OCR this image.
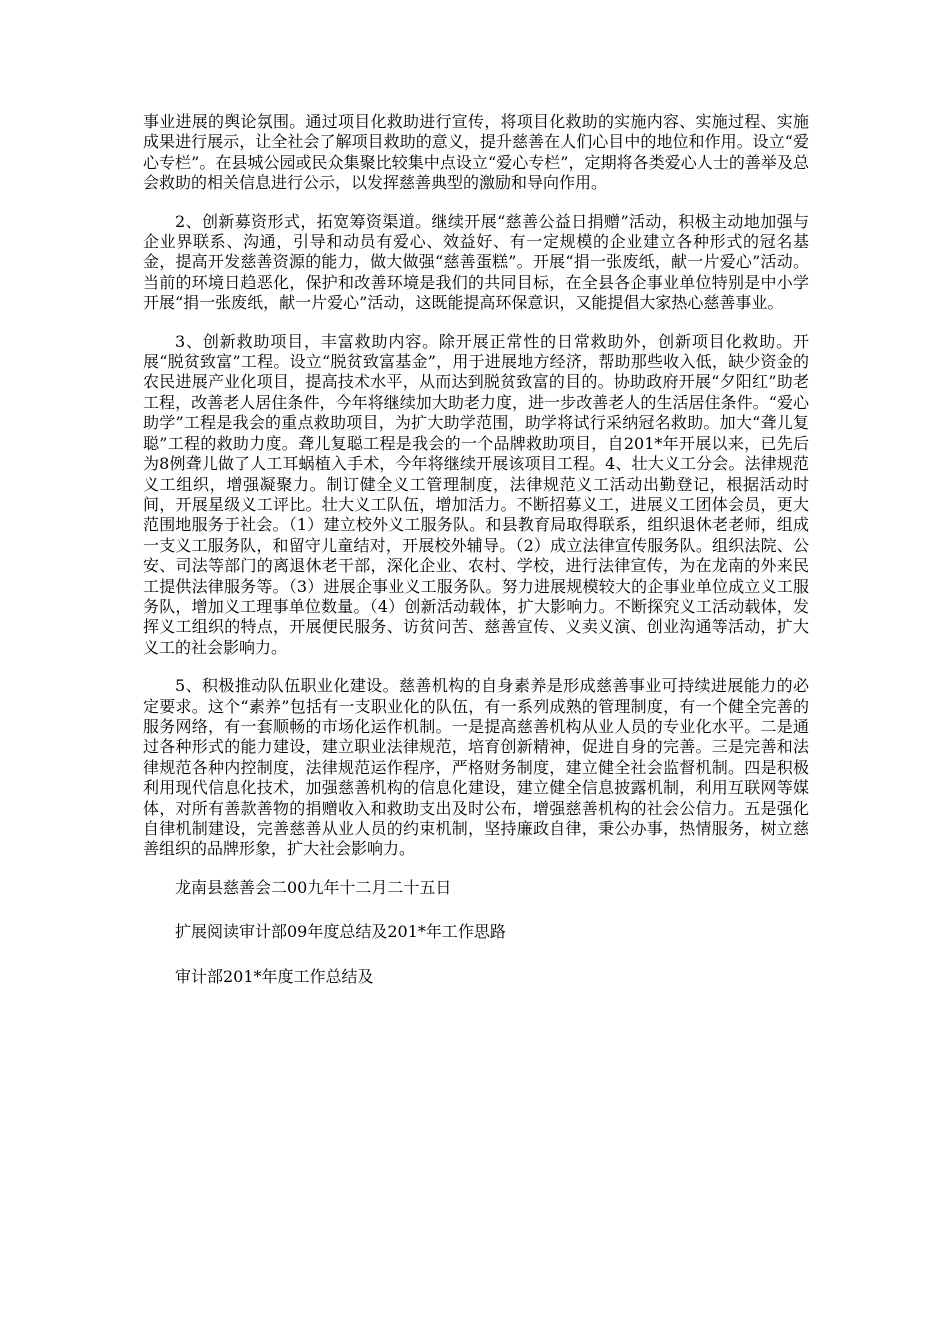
事业进展的舆论氛围。通过项目化救助进行宣传，将项目化救助的实施内容、实施过程、实施成果进行展示，让全社会了解项目救助的意义，提升慈善在人们心目中的地位和作用。设立“爱心专栏”。在县城公园或民众集聚比较集中点设立“爱心专栏”，定期将各类爱心人士的善举及总会救助的相关信息进行公示，以发挥慈善典型的激励和导向作用。

2、创新募资形式，拓宽筹资渠道。继续开展“慈善公益日捐赠”活动，积极主动地加强与企业界联系、沟通，引导和动员有爱心、效益好、有一定规模的企业建立各种形式的冠名基金，提高开发慈善资源的能力，做大做强“慈善蛋糕”。开展“捐一张废纸，献一片爱心”活动。当前的环境日趋恶化，保护和改善环境是我们的共同目标，在全县各企事业单位特别是中小学开展“捐一张废纸，献一片爱心”活动，这既能提高环保意识，又能提倡大家热心慈善事业。

3、创新救助项目，丰富救助内容。除开展正常性的日常救助外，创新项目化救助。开展“脱贫致富”工程。设立“脱贫致富基金”，用于进展地方经济，帮助那些收入低，缺少资金的农民进展产业化项目，提高技术水平，从而达到脱贫致富的目的。协助政府开展“夕阳红”助老工程，改善老人居住条件，今年将继续加大助老力度，进一步改善老人的生活居住条件。“爱心助学”工程是我会的重点救助项目，为扩大助学范围，助学将试行采纳冠名救助。加大“聋儿复聪”工程的救助力度。聋儿复聪工程是我会的一个品牌救助项目，自201*年开展以来，已先后为8例聋儿做了人工耳蜗植入手术，今年将继续开展该项目工程。4、壮大义工分会。法律规范义工组织，增强凝聚力。制订健全义工管理制度，法律规范义工活动出勤登记，根据活动时间，开展星级义工评比。壮大义工队伍，增加活力。不断招募义工，进展义工团体会员，更大范围地服务于社会。（1）建立校外义工服务队。和县教育局取得联系，组织退休老老师，组成一支义工服务队，和留守儿童结对，开展校外辅导。（2）成立法律宣传服务队。组织法院、公安、司法等部门的离退休老干部，深化企业、农村、学校，进行法律宣传，为在龙南的外来民工提供法律服务等。（3）进展企事业义工服务队。努力进展规模较大的企事业单位成立义工服务队，增加义工理事单位数量。（4）创新活动载体，扩大影响力。不断探究义工活动载体，发挥义工组织的特点，开展便民服务、访贫问苦、慈善宣传、义卖义演、创业沟通等活动，扩大义工的社会影响力。

5、积极推动队伍职业化建设。慈善机构的自身素养是形成慈善事业可持续进展能力的必定要求。这个“素养”包括有一支职业化的队伍，有一系列成熟的管理制度，有一个健全完善的服务网络，有一套顺畅的市场化运作机制。一是提高慈善机构从业人员的专业化水平。二是通过各种形式的能力建设，建立职业法律规范，培育创新精神，促进自身的完善。三是完善和法律规范各种内控制度，法律规范运作程序，严格财务制度，建立健全社会监督机制。四是积极利用现代信息化技术，加强慈善机构的信息化建设，建立健全信息披露机制，利用互联网等媒体，对所有善款善物的捐赠收入和救助支出及时公布，增强慈善机构的社会公信力。五是强化自律机制建设，完善慈善从业人员的约束机制，坚持廉政自律，秉公办事，热情服务，树立慈善组织的品牌形象，扩大社会影响力。

龙南县慈善会二00九年十二月二十五日

扩展阅读审计部09年度总结及201*年工作思路

审计部201*年度工作总结及
